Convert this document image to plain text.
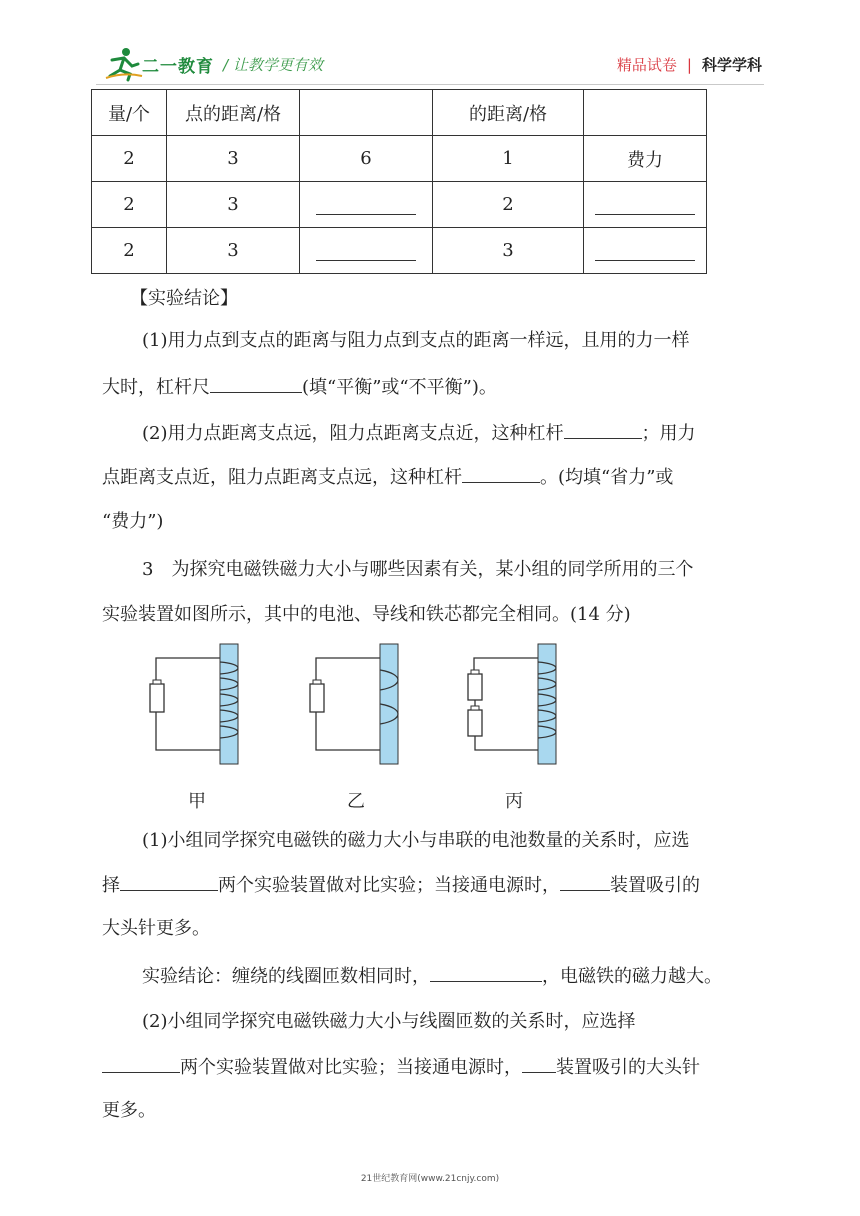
二一教育 / 让教学更有效	精品试卷 | 科学学科
量/个	点的距离/格		的距离/格	
2	3	6	1	费力
2	3		2	
2	3		3	
【实验结论】
(1)用力点到支点的距离与阻力点到支点的距离一样远，且用的力一样
大时，杠杆尺	(填“平衡”或“不平衡”)。
(2)用力点距离支点远，阻力点距离支点近，这种杠杆	；用力
点距离支点近，阻力点距离支点远，这种杠杆	。(均填“省力”或
“费力”)
3　为探究电磁铁磁力大小与哪些因素有关，某小组的同学所用的三个
实验装置如图所示，其中的电池、导线和铁芯都完全相同。(14 分)
甲	乙	丙
(1)小组同学探究电磁铁的磁力大小与串联的电池数量的关系时，应选
择	两个实验装置做对比实验；当接通电源时，	装置吸引的
大头针更多。
实验结论：缠绕的线圈匝数相同时，	，电磁铁的磁力越大。
(2)小组同学探究电磁铁磁力大小与线圈匝数的关系时，应选择
两个实验装置做对比实验；当接通电源时， 装置吸引的大头针
更多。
21世纪教育网(www.21cnjy.com)
